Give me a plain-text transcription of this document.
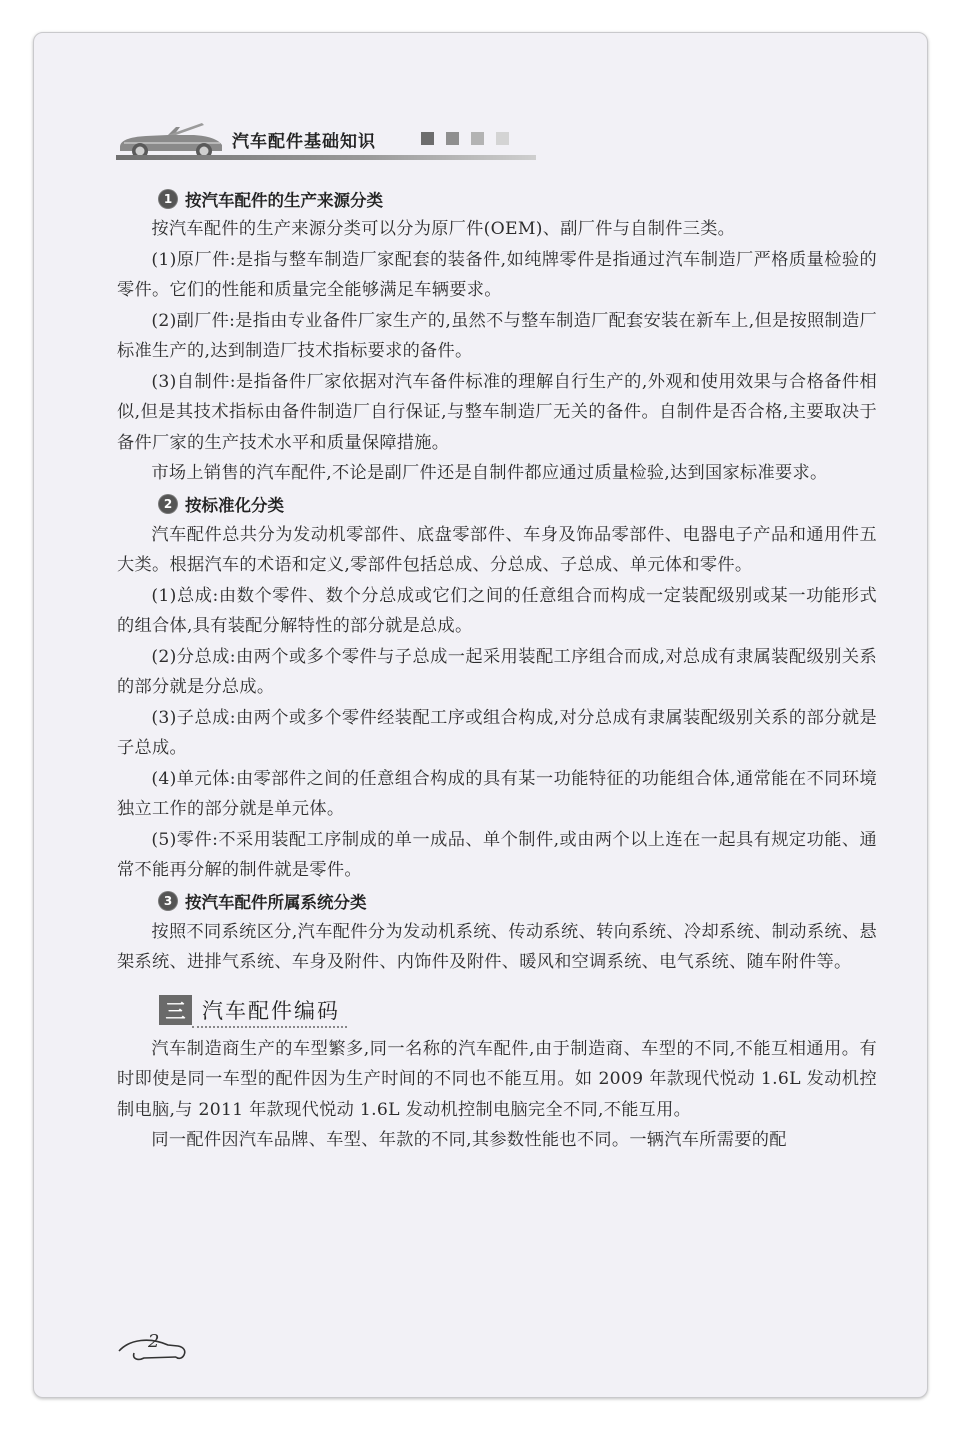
汽车配件基础知识
1 按汽车配件的生产来源分类

按汽车配件的生产来源分类可以分为原厂件(OEM)、副厂件与自制件三类。

(1)原厂件:是指与整车制造厂家配套的装备件,如纯牌零件是指通过汽车制造厂严格质量检验的零件。它们的性能和质量完全能够满足车辆要求。

(2)副厂件:是指由专业备件厂家生产的,虽然不与整车制造厂配套安装在新车上,但是按照制造厂标准生产的,达到制造厂技术指标要求的备件。

(3)自制件:是指备件厂家依据对汽车备件标准的理解自行生产的,外观和使用效果与合格备件相似,但是其技术指标由备件制造厂自行保证,与整车制造厂无关的备件。自制件是否合格,主要取决于备件厂家的生产技术水平和质量保障措施。

市场上销售的汽车配件,不论是副厂件还是自制件都应通过质量检验,达到国家标准要求。

2 按标准化分类

汽车配件总共分为发动机零部件、底盘零部件、车身及饰品零部件、电器电子产品和通用件五大类。根据汽车的术语和定义,零部件包括总成、分总成、子总成、单元体和零件。

(1)总成:由数个零件、数个分总成或它们之间的任意组合而构成一定装配级别或某一功能形式的组合体,具有装配分解特性的部分就是总成。

(2)分总成:由两个或多个零件与子总成一起采用装配工序组合而成,对总成有隶属装配级别关系的部分就是分总成。

(3)子总成:由两个或多个零件经装配工序或组合构成,对分总成有隶属装配级别关系的部分就是子总成。

(4)单元体:由零部件之间的任意组合构成的具有某一功能特征的功能组合体,通常能在不同环境独立工作的部分就是单元体。

(5)零件:不采用装配工序制成的单一成品、单个制件,或由两个以上连在一起具有规定功能、通常不能再分解的制件就是零件。

3 按汽车配件所属系统分类

按照不同系统区分,汽车配件分为发动机系统、传动系统、转向系统、冷却系统、制动系统、悬架系统、进排气系统、车身及附件、内饰件及附件、暖风和空调系统、电气系统、随车附件等。

三 汽车配件编码

汽车制造商生产的车型繁多,同一名称的汽车配件,由于制造商、车型的不同,不能互相通用。有时即使是同一车型的配件因为生产时间的不同也不能互用。如 2009 年款现代悦动 1.6L 发动机控制电脑,与 2011 年款现代悦动 1.6L 发动机控制电脑完全不同,不能互用。

同一配件因汽车品牌、车型、年款的不同,其参数性能也不同。一辆汽车所需要的配

2
